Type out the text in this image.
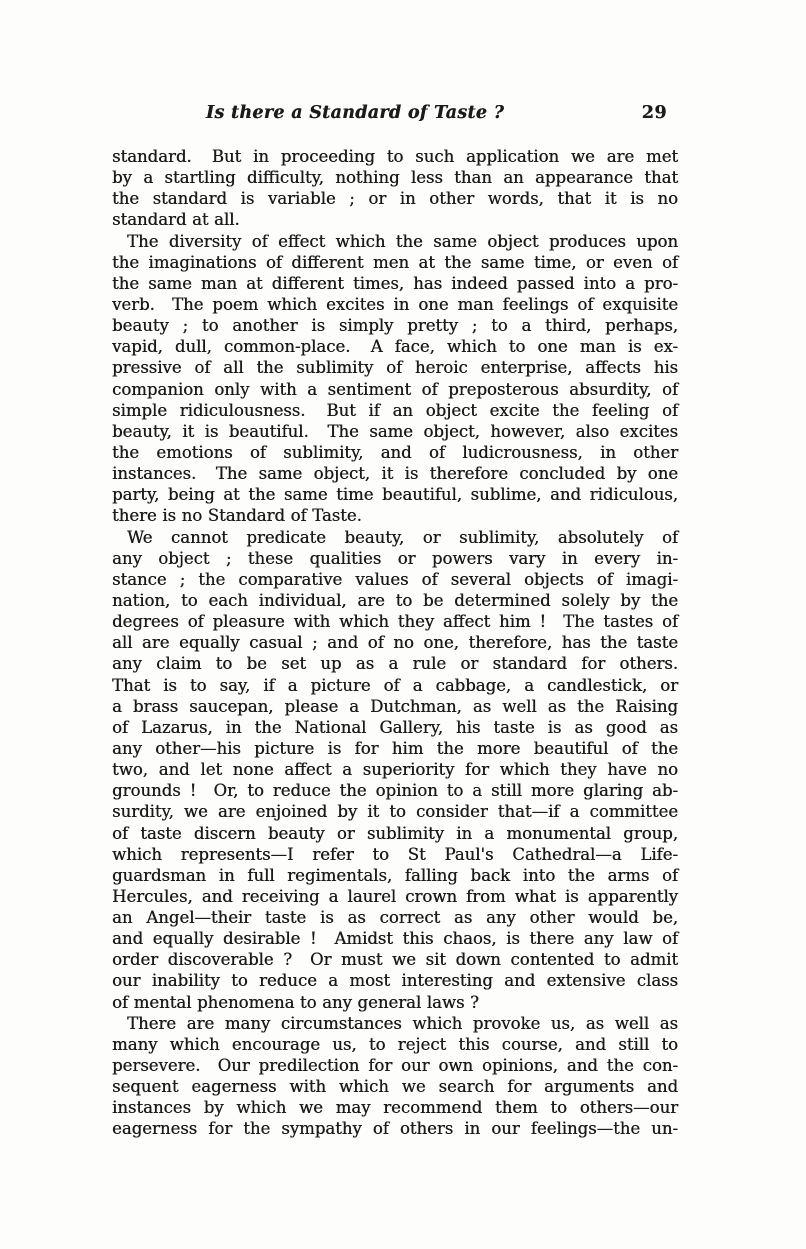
Is there a Standard of Taste ?	29
standard.  But in proceeding to such application we are met
by a startling difficulty, nothing less than an appearance that
the standard is variable ; or in other words, that it is no
standard at all.
The diversity of effect which the same object produces upon
the imaginations of different men at the same time, or even of
the same man at different times, has indeed passed into a pro-
verb.  The poem which excites in one man feelings of exquisite
beauty ; to another is simply pretty ; to a third, perhaps,
vapid, dull, common-place.  A face, which to one man is ex-
pressive of all the sublimity of heroic enterprise, affects his
companion only with a sentiment of preposterous absurdity, of
simple ridiculousness.  But if an object excite the feeling of
beauty, it is beautiful.  The same object, however, also excites
the emotions of sublimity, and of ludicrousness, in other
instances.  The same object, it is therefore concluded by one
party, being at the same time beautiful, sublime, and ridiculous,
there is no Standard of Taste.
We cannot predicate beauty, or sublimity, absolutely of
any object ; these qualities or powers vary in every in-
stance ; the comparative values of several objects of imagi-
nation, to each individual, are to be determined solely by the
degrees of pleasure with which they affect him !  The tastes of
all are equally casual ; and of no one, therefore, has the taste
any claim to be set up as a rule or standard for others.
That is to say, if a picture of a cabbage, a candlestick, or
a brass saucepan, please a Dutchman, as well as the Raising
of Lazarus, in the National Gallery, his taste is as good as
any other—his picture is for him the more beautiful of the
two, and let none affect a superiority for which they have no
grounds !  Or, to reduce the opinion to a still more glaring ab-
surdity, we are enjoined by it to consider that—if a committee
of taste discern beauty or sublimity in a monumental group,
which represents—I refer to St Paul's Cathedral—a Life-
guardsman in full regimentals, falling back into the arms of
Hercules, and receiving a laurel crown from what is apparently
an Angel—their taste is as correct as any other would be,
and equally desirable !  Amidst this chaos, is there any law of
order discoverable ?  Or must we sit down contented to admit
our inability to reduce a most interesting and extensive class
of mental phenomena to any general laws ?
There are many circumstances which provoke us, as well as
many which encourage us, to reject this course, and still to
persevere.  Our predilection for our own opinions, and the con-
sequent eagerness with which we search for arguments and
instances by which we may recommend them to others—our
eagerness for the sympathy of others in our feelings—the un-
